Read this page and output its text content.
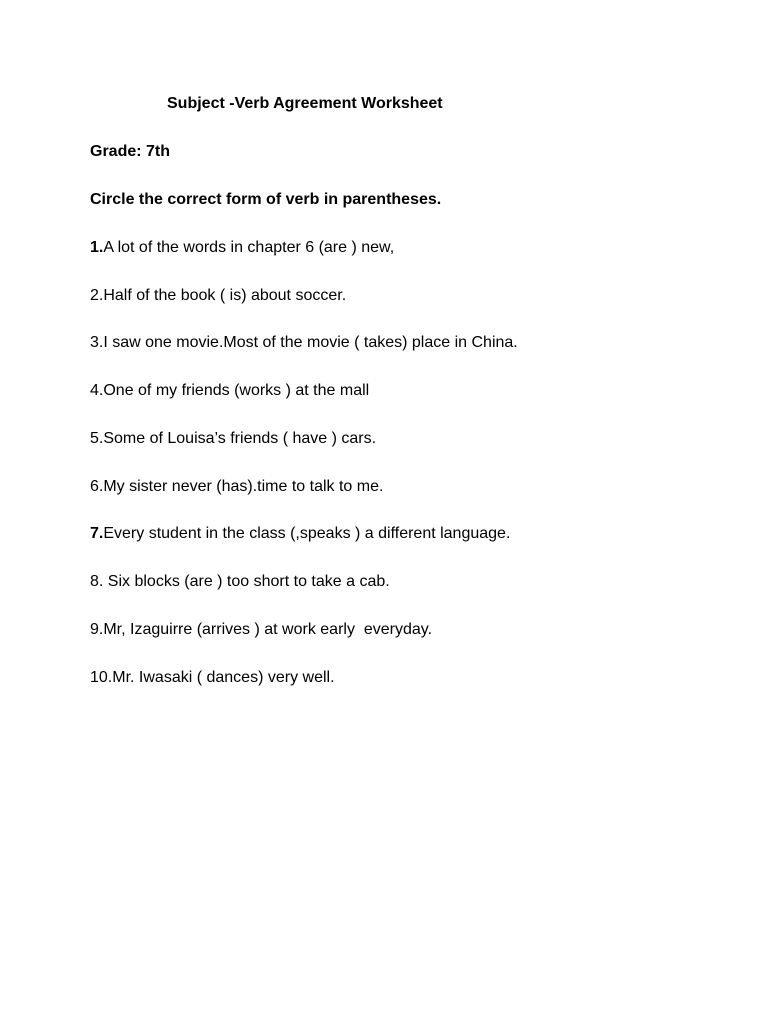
Subject -Verb Agreement Worksheet
Grade: 7th
Circle the correct form of verb in parentheses.
1.A lot of the words in chapter 6 (are ) new,
2.Half of the book ( is) about soccer.
3.I saw one movie.Most of the movie ( takes) place in China.
4.One of my friends (works ) at the mall
5.Some of Louisa’s friends ( have ) cars.
6.My sister never (has).time to talk to me.
7.Every student in the class (,speaks ) a different language.
8. Six blocks (are ) too short to take a cab.
9.Mr, Izaguirre (arrives ) at work early  everyday.
10.Mr. Iwasaki ( dances) very well.
